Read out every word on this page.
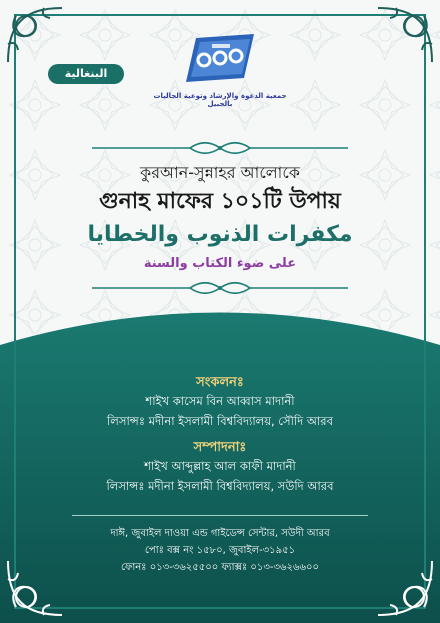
البنغالية
جمعية الدعوة والإرشاد وتوعية الجاليات بالجبيل
কুরআন-সুন্নাহর আলোকে
গুনাহ মাফের ১০১টি উপায়
مكفرات الذنوب والخطايا
على ضوء الكتاب والسنة
সংকলনঃ
শাইখ কাসেম বিন আব্বাস মাদানী
লিসান্সঃ মদীনা ইসলামী বিশ্ববিদ্যালয়, সৌদি আরব
সম্পাদনাঃ
শাইখ আব্দুল্লাহ আল কাফী মাদানী
লিসান্সঃ মদীনা ইসলামী বিশ্ববিদ্যালয়, সউদি আরব
দাঈ, জুবাইল দাওয়া এন্ড গাইডেন্স সেন্টার, সউদী আরব
পোঃ বক্স নং ১৫৮০, জুবাইল-৩১৯৫১
ফোনঃ ০১৩-৩৬২৫৫০০ ফ্যাক্সঃ ০১৩-৩৬২৬৬০০
